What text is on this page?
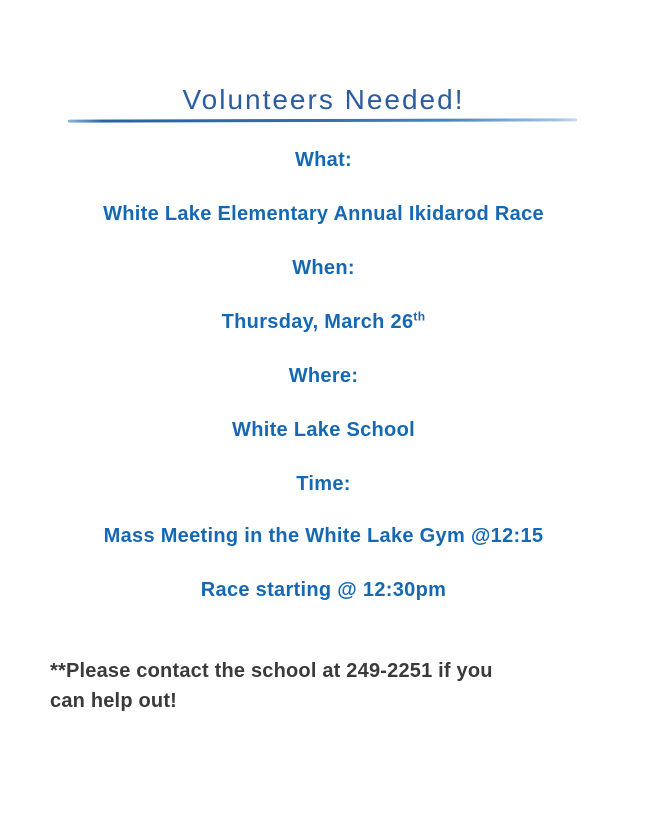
Volunteers Needed!
What:
White Lake Elementary Annual Ikidarod Race
When:
Thursday, March 26th
Where:
White Lake School
Time:
Mass Meeting in the White Lake Gym @12:15
Race starting @ 12:30pm

**Please contact the school at 249-2251 if you
can help out!
